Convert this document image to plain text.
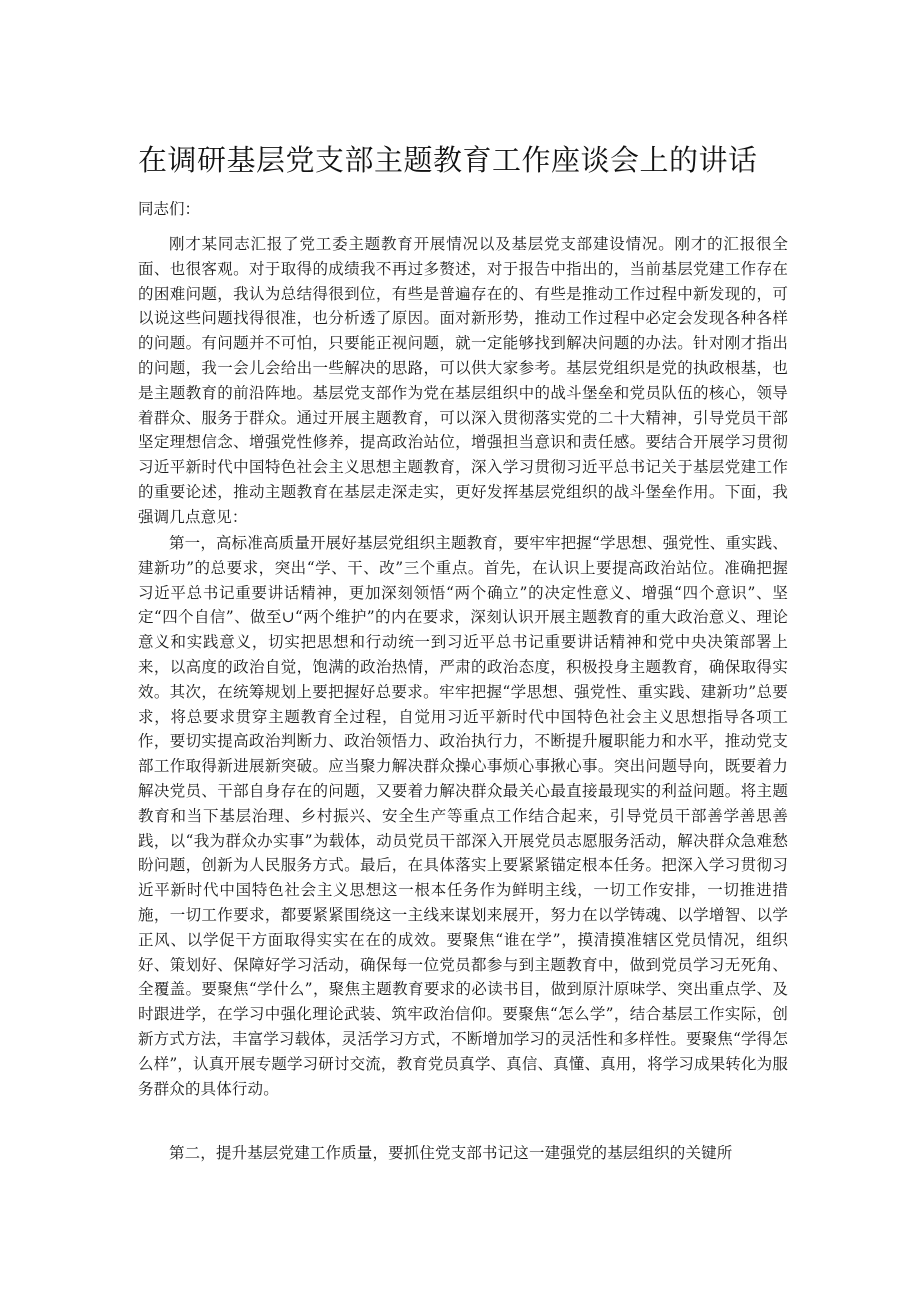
在调研基层党支部主题教育工作座谈会上的讲话

同志们：

刚才某同志汇报了党工委主题教育开展情况以及基层党支部建设情况。刚才的汇报很全面、也很客观。对于取得的成绩我不再过多赘述，对于报告中指出的，当前基层党建工作存在的困难问题，我认为总结得很到位，有些是普遍存在的、有些是推动工作过程中新发现的，可以说这些问题找得很准，也分析透了原因。面对新形势，推动工作过程中必定会发现各种各样的问题。有问题并不可怕，只要能正视问题，就一定能够找到解决问题的办法。针对刚才指出的问题，我一会儿会给出一些解决的思路，可以供大家参考。基层党组织是党的执政根基，也是主题教育的前沿阵地。基层党支部作为党在基层组织中的战斗堡垒和党员队伍的核心，领导着群众、服务于群众。通过开展主题教育，可以深入贯彻落实党的二十大精神，引导党员干部坚定理想信念、增强党性修养，提高政治站位，增强担当意识和责任感。要结合开展学习贯彻习近平新时代中国特色社会主义思想主题教育，深入学习贯彻习近平总书记关于基层党建工作的重要论述，推动主题教育在基层走深走实，更好发挥基层党组织的战斗堡垒作用。下面，我强调几点意见：

第一，高标准高质量开展好基层党组织主题教育，要牢牢把握“学思想、强党性、重实践、建新功”的总要求，突出“学、干、改”三个重点。首先，在认识上要提高政治站位。准确把握习近平总书记重要讲话精神，更加深刻领悟“两个确立”的决定性意义、增强“四个意识”、坚定“四个自信”、做至∪“两个维护”的内在要求，深刻认识开展主题教育的重大政治意义、理论意义和实践意义，切实把思想和行动统一到习近平总书记重要讲话精神和党中央决策部署上来，以高度的政治自觉，饱满的政治热情，严肃的政治态度，积极投身主题教育，确保取得实效。其次，在统筹规划上要把握好总要求。牢牢把握“学思想、强党性、重实践、建新功”总要求，将总要求贯穿主题教育全过程，自觉用习近平新时代中国特色社会主义思想指导各项工作，要切实提高政治判断力、政治领悟力、政治执行力，不断提升履职能力和水平，推动党支部工作取得新进展新突破。应当聚力解决群众操心事烦心事揪心事。突出问题导向，既要着力解决党员、干部自身存在的问题，又要着力解决群众最关心最直接最现实的利益问题。将主题教育和当下基层治理、乡村振兴、安全生产等重点工作结合起来，引导党员干部善学善思善践，以“我为群众办实事”为载体，动员党员干部深入开展党员志愿服务活动，解决群众急难愁盼问题，创新为人民服务方式。最后，在具体落实上要紧紧锚定根本任务。把深入学习贯彻习近平新时代中国特色社会主义思想这一根本任务作为鲜明主线，一切工作安排，一切推进措施，一切工作要求，都要紧紧围绕这一主线来谋划来展开，努力在以学铸魂、以学增智、以学正风、以学促干方面取得实实在在的成效。要聚焦“谁在学”，摸清摸准辖区党员情况，组织好、策划好、保障好学习活动，确保每一位党员都参与到主题教育中，做到党员学习无死角、全覆盖。要聚焦“学什么”，聚焦主题教育要求的必读书目，做到原汁原味学、突出重点学、及时跟进学，在学习中强化理论武装、筑牢政治信仰。要聚焦“怎么学”，结合基层工作实际，创新方式方法，丰富学习载体，灵活学习方式，不断增加学习的灵活性和多样性。要聚焦“学得怎么样”，认真开展专题学习研讨交流，教育党员真学、真信、真懂、真用，将学习成果转化为服务群众的具体行动。

第二，提升基层党建工作质量，要抓住党支部书记这一建强党的基层组织的关键所
